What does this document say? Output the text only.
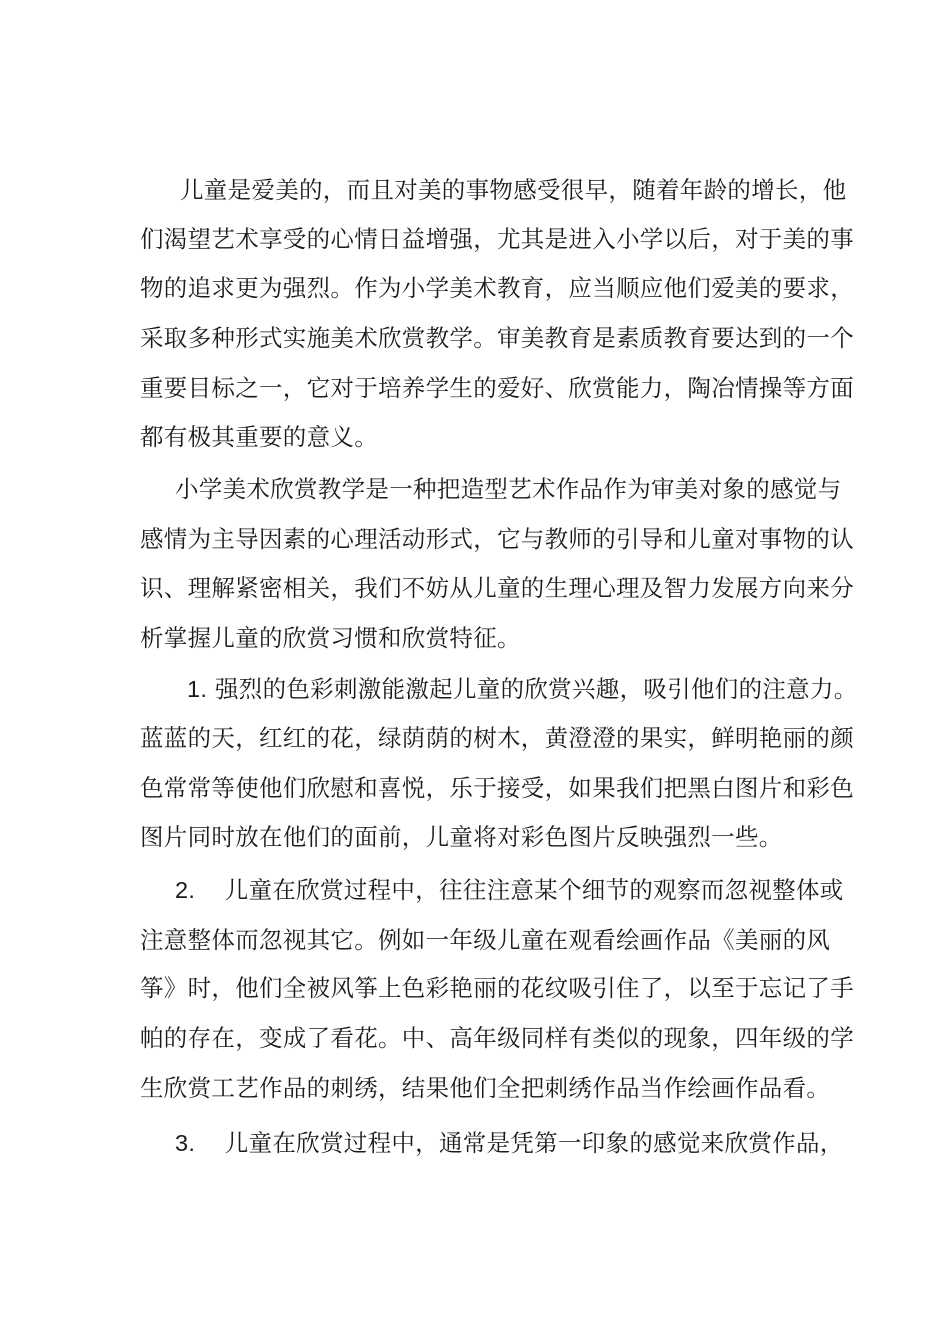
儿童是爱美的，而且对美的事物感受很早，随着年龄的增长，他
们渴望艺术享受的心情日益增强，尤其是进入小学以后，对于美的事
物的追求更为强烈。作为小学美术教育，应当顺应他们爱美的要求，
采取多种形式实施美术欣赏教学。审美教育是素质教育要达到的一个
重要目标之一，它对于培养学生的爱好、欣赏能力，陶冶情操等方面
都有极其重要的意义。
小学美术欣赏教学是一种把造型艺术作品作为审美对象的感觉与
感情为主导因素的心理活动形式，它与教师的引导和儿童对事物的认
识、理解紧密相关，我们不妨从儿童的生理心理及智力发展方向来分
析掌握儿童的欣赏习惯和欣赏特征。
1. 强烈的色彩刺激能激起儿童的欣赏兴趣，吸引他们的注意力。
蓝蓝的天，红红的花，绿荫荫的树木，黄澄澄的果实，鲜明艳丽的颜
色常常等使他们欣慰和喜悦，乐于接受，如果我们把黑白图片和彩色
图片同时放在他们的面前，儿童将对彩色图片反映强烈一些。
2. 儿童在欣赏过程中，往往注意某个细节的观察而忽视整体或
注意整体而忽视其它。例如一年级儿童在观看绘画作品《美丽的风
筝》时，他们全被风筝上色彩艳丽的花纹吸引住了，以至于忘记了手
帕的存在，变成了看花。中、高年级同样有类似的现象，四年级的学
生欣赏工艺作品的刺绣，结果他们全把刺绣作品当作绘画作品看。
3. 儿童在欣赏过程中，通常是凭第一印象的感觉来欣赏作品，
